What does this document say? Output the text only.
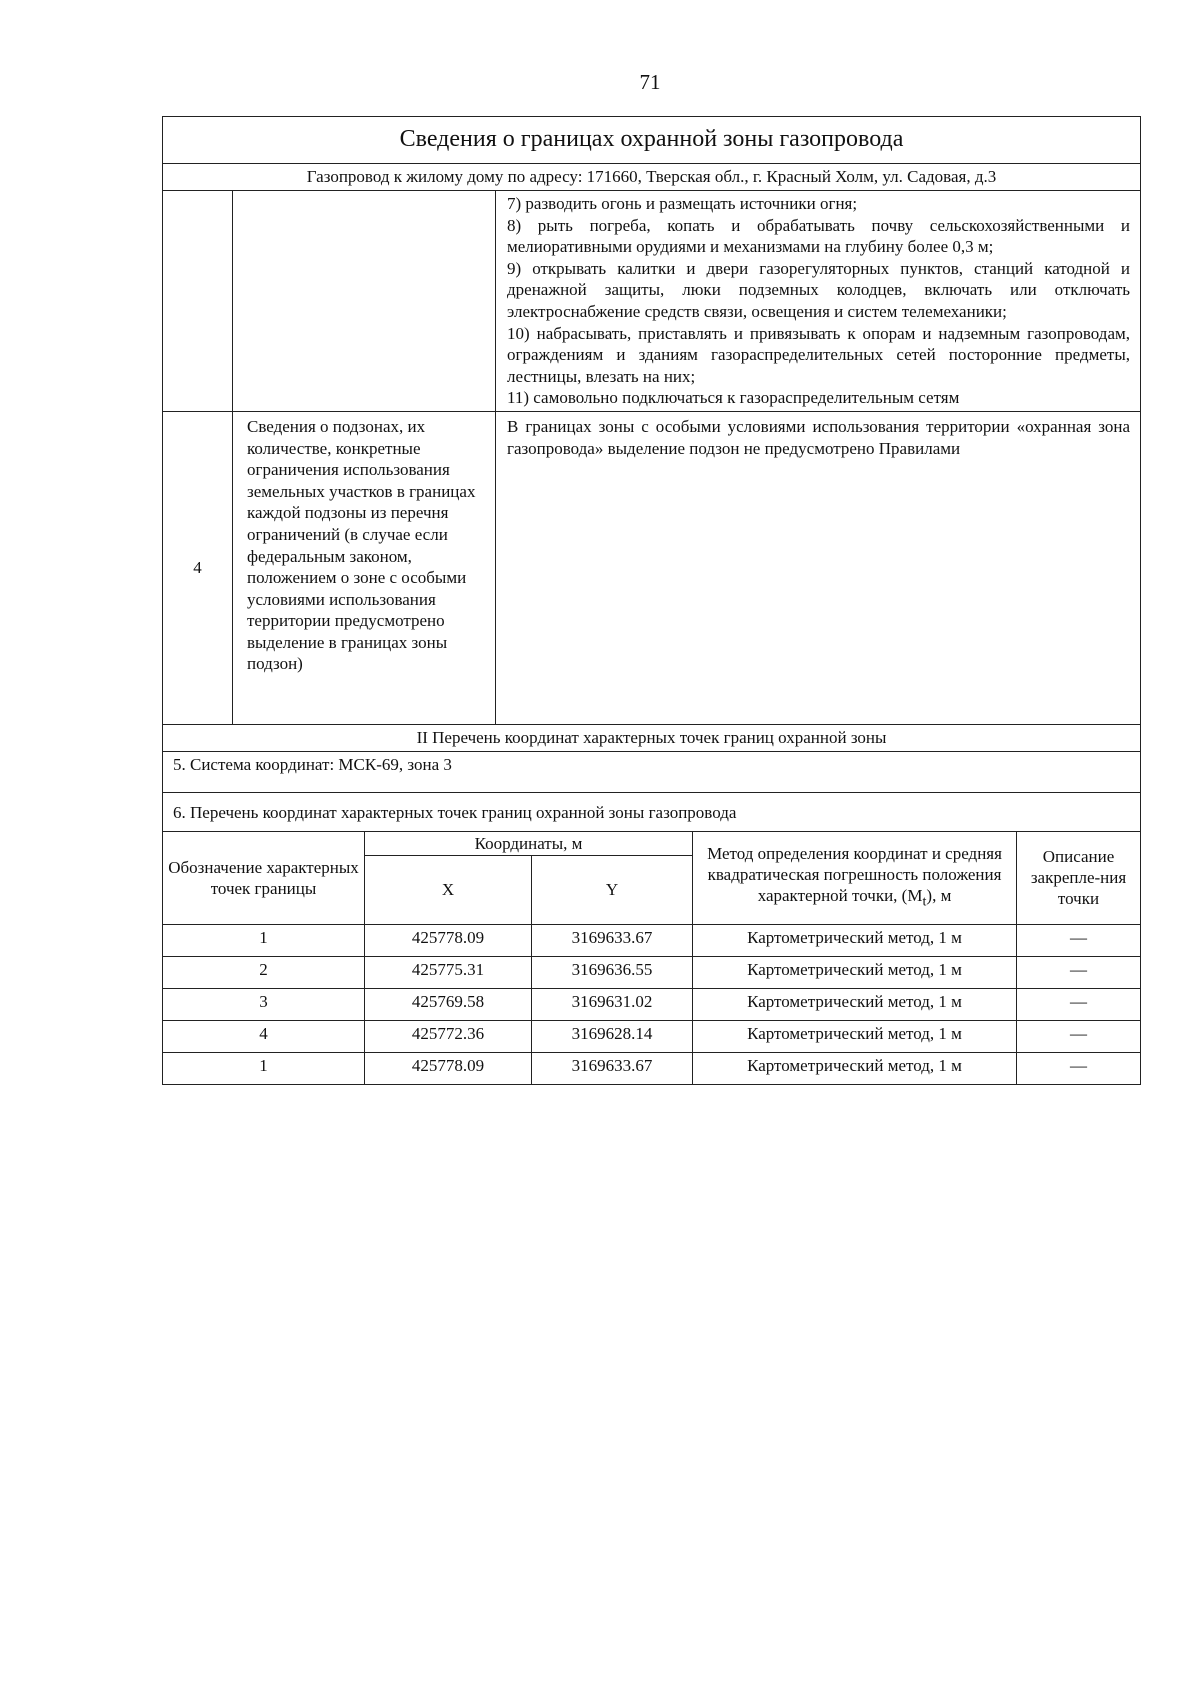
71
Сведения о границах охранной зоны газопровода		
Газопровод к жилому дому по адресу: 171660, Тверская обл., г. Красный Холм, ул. Садовая, д.3		

		7) разводить огонь и размещать источники огня;

8) рыть погреба, копать и обрабатывать почву сельскохозяйственными и мелиоративными орудиями и механизмами на глубину более 0,3 м;

9) открывать калитки и двери газорегуляторных пунктов, станций катодной и дренажной защиты, люки подземных колодцев, включать или отключать электроснабжение средств связи, освещения и систем телемеханики;

10) набрасывать, приставлять и привязывать к опорам и надземным газопроводам, ограждениям и зданиям газораспределительных сетей посторонние предметы, лестницы, влезать на них;

11) самовольно подключаться к газораспределительным сетям

4	Сведения о подзонах, их количестве, конкретные ограничения использования земельных участков в границах каждой подзоны из перечня ограничений (в случае если федеральным законом, положением о зоне с особыми условиями использования территории предусмотрено выделение в границах зоны подзон)	В границах зоны с особыми условиями использования территории «охранная зона газопровода» выделение подзон не предусмотрено Правилами
II Перечень координат характерных точек границ охранной зоны		
5. Система координат: МСК-69, зона 3		
6. Перечень координат характерных точек границ охранной зоны газопровода		
Обозначение характерных точек границы	Координаты, м		Метод определения координат и средняя квадратическая погрешность положения характерной точки, $(M_t)$, м	Описание закрепле-ния точки
	X	Y		
1	425778.09	3169633.67	Картометрический метод, 1 м	—
2	425775.31	3169636.55	Картометрический метод, 1 м	—
3	425769.58	3169631.02	Картометрический метод, 1 м	—
4	425772.36	3169628.14	Картометрический метод, 1 м	—
1	425778.09	3169633.67	Картометрический метод, 1 м	—
